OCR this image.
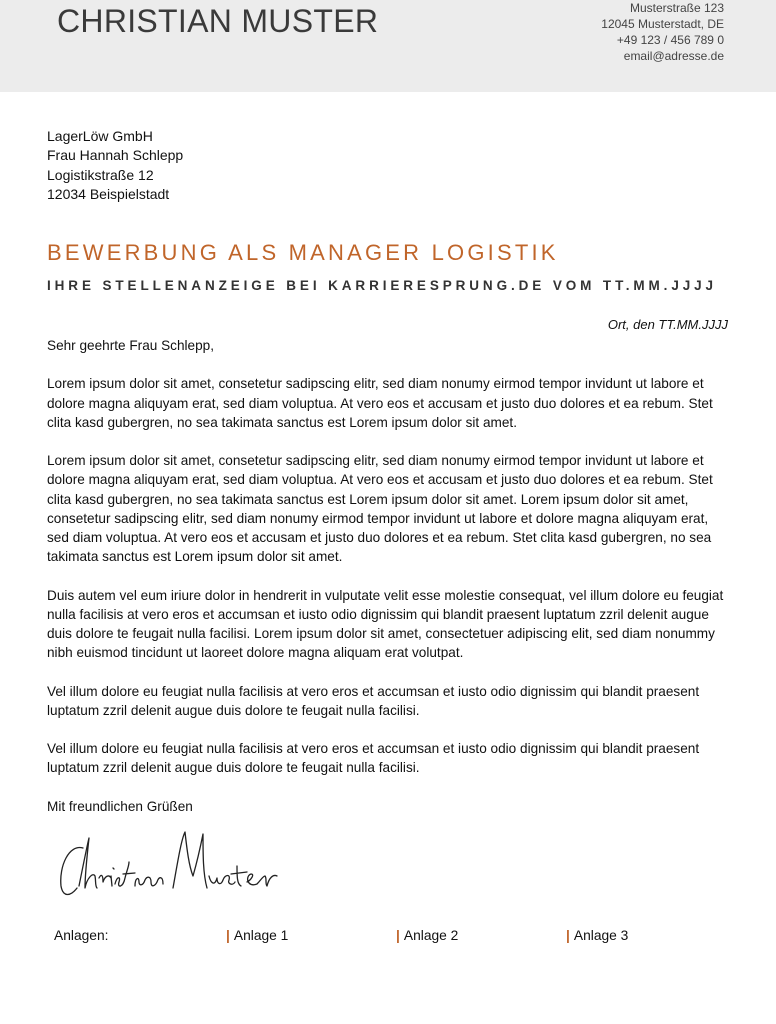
CHRISTIAN MUSTER	Musterstraße 123
12045 Musterstadt, DE
+49 123 / 456 789 0
email@adresse.de
LagerLöw GmbH
Frau Hannah Schlepp
Logistikstraße 12
12034 Beispielstadt
BEWERBUNG ALS MANAGER LOGISTIK
IHRE STELLENANZEIGE BEI KARRIERESPRUNG.DE VOM TT.MM.JJJJ
Ort, den TT.MM.JJJJ

Sehr geehrte Frau Schlepp,

Lorem ipsum dolor sit amet, consetetur sadipscing elitr, sed diam nonumy eirmod tempor invidunt ut labore et dolore magna aliquyam erat, sed diam voluptua. At vero eos et accusam et justo duo dolores et ea rebum. Stet clita kasd gubergren, no sea takimata sanctus est Lorem ipsum dolor sit amet.

Lorem ipsum dolor sit amet, consetetur sadipscing elitr, sed diam nonumy eirmod tempor invidunt ut labore et dolore magna aliquyam erat, sed diam voluptua. At vero eos et accusam et justo duo dolores et ea rebum. Stet clita kasd gubergren, no sea takimata sanctus est Lorem ipsum dolor sit amet. Lorem ipsum dolor sit amet, consetetur sadipscing elitr, sed diam nonumy eirmod tempor invidunt ut labore et dolore magna aliquyam erat, sed diam voluptua. At vero eos et accusam et justo duo dolores et ea rebum. Stet clita kasd gubergren, no sea takimata sanctus est Lorem ipsum dolor sit amet.

Duis autem vel eum iriure dolor in hendrerit in vulputate velit esse molestie consequat, vel illum dolore eu feugiat nulla facilisis at vero eros et accumsan et iusto odio dignissim qui blandit praesent luptatum zzril delenit augue duis dolore te feugait nulla facilisi. Lorem ipsum dolor sit amet, consectetuer adipiscing elit, sed diam nonummy nibh euismod tincidunt ut laoreet dolore magna aliquam erat volutpat.

Vel illum dolore eu feugiat nulla facilisis at vero eros et accumsan et iusto odio dignissim qui blandit praesent luptatum zzril delenit augue duis dolore te feugait nulla facilisi.

Vel illum dolore eu feugiat nulla facilisis at vero eros et accumsan et iusto odio dignissim qui blandit praesent luptatum zzril delenit augue duis dolore te feugait nulla facilisi.

Mit freundlichen Grüßen

Anlagen:	| Anlage 1	| Anlage 2	| Anlage 3
